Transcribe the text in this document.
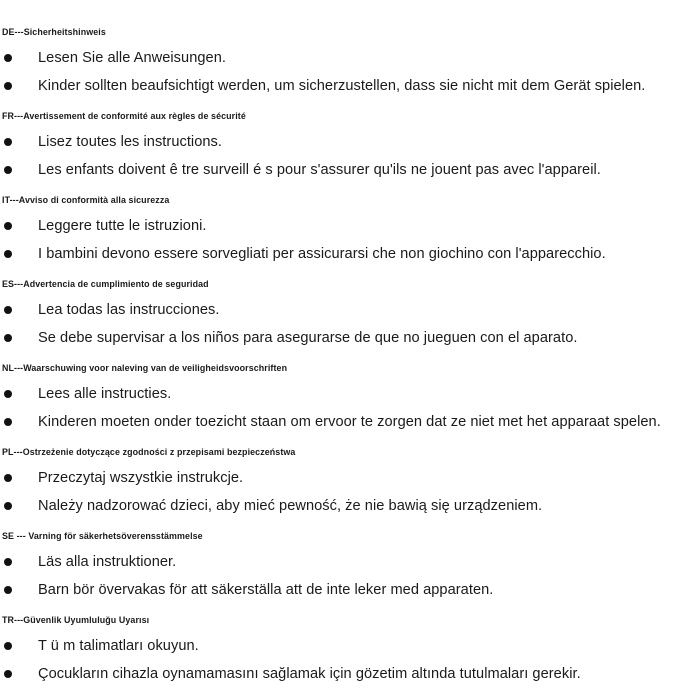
DE---Sicherheitshinweis
Lesen Sie alle Anweisungen.
Kinder sollten beaufsichtigt werden, um sicherzustellen, dass sie nicht mit dem Gerät spielen.
FR---Avertissement de conformité aux règles de sécurité
Lisez toutes les instructions.
Les enfants doivent ê tre surveill é s pour s'assurer qu'ils ne jouent pas avec l'appareil.
IT---Avviso di conformità alla sicurezza
Leggere tutte le istruzioni.
I bambini devono essere sorvegliati per assicurarsi che non giochino con l'apparecchio.
ES---Advertencia de cumplimiento de seguridad
Lea todas las instrucciones.
Se debe supervisar a los niños para asegurarse de que no jueguen con el aparato.
NL---Waarschuwing voor naleving van de veiligheidsvoorschriften
Lees alle instructies.
Kinderen moeten onder toezicht staan om ervoor te zorgen dat ze niet met het apparaat spelen.
PL---Ostrzeżenie dotyczące zgodności z przepisami bezpieczeństwa
Przeczytaj wszystkie instrukcje.
Należy nadzorować dzieci, aby mieć pewność, że nie bawią się urządzeniem.
SE --- Varning för säkerhetsöverensstämmelse
Läs alla instruktioner.
Barn bör övervakas för att säkerställa att de inte leker med apparaten.
TR---Güvenlik Uyumluluğu Uyarısı
T ü m talimatları okuyun.
Çocukların cihazla oynamamasını sağlamak için gözetim altında tutulmaları gerekir.
